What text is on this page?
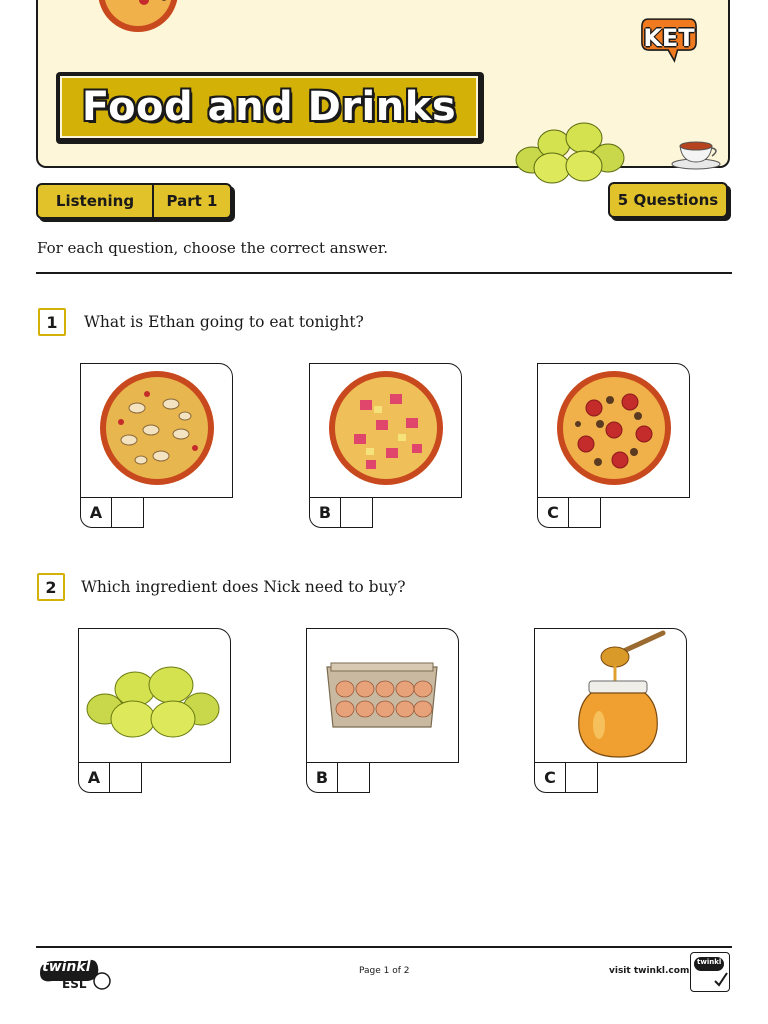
Food and Drinks
KET
Listening Part 1	5 Questions
For each question, choose the correct answer.
1	What is Ethan going to eat tonight?
A	B	C
2	Which ingredient does Nick need to buy?
A	B	C
twinkl
ESL
Page 1 of 2	visit twinkl.com
twinkl
